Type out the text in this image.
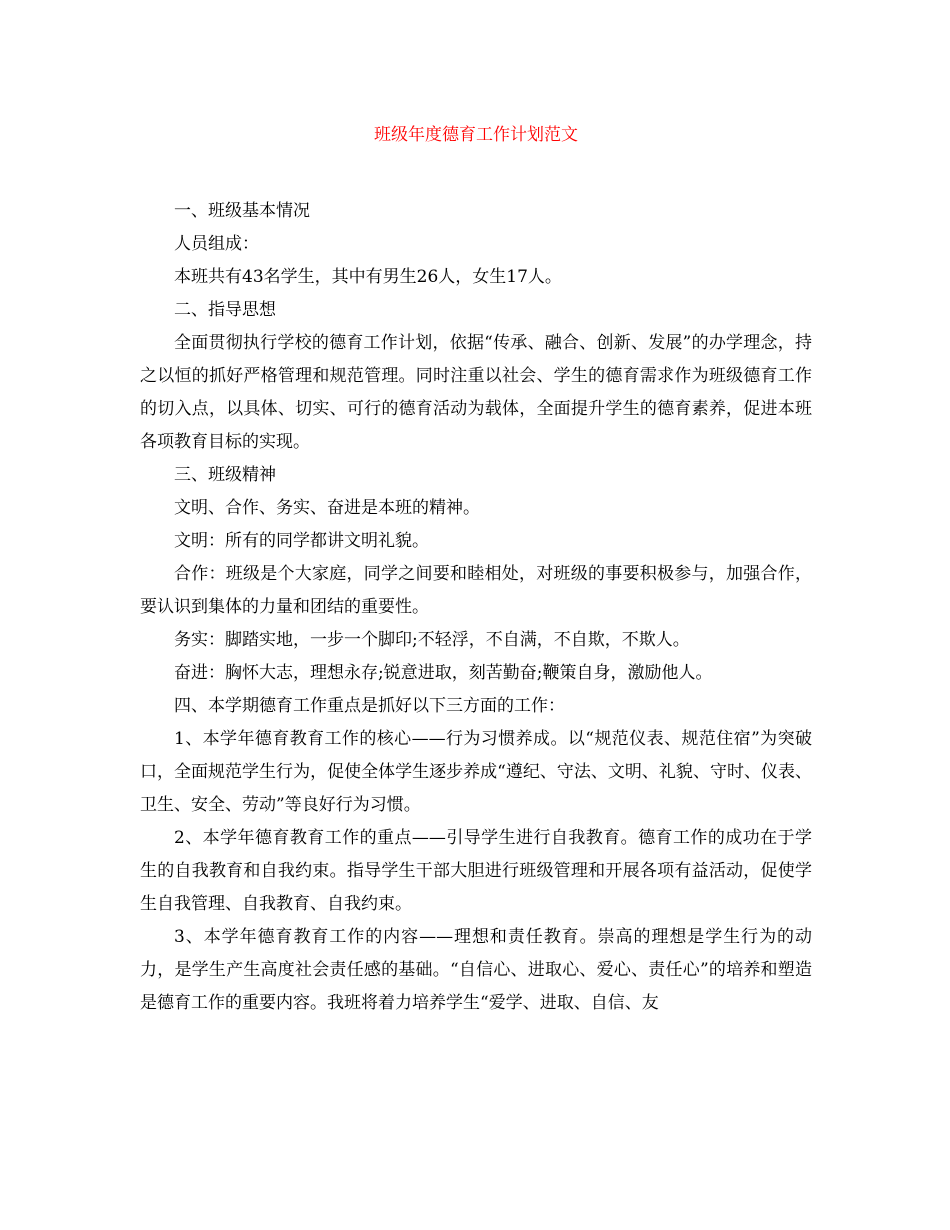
班级年度德育工作计划范文

一、班级基本情况

人员组成：

本班共有43名学生，其中有男生26人，女生17人。

二、指导思想

全面贯彻执行学校的德育工作计划，依据“传承、融合、创新、发展”的办学理念，持之以恒的抓好严格管理和规范管理。同时注重以社会、学生的德育需求作为班级德育工作的切入点，以具体、切实、可行的德育活动为载体，全面提升学生的德育素养，促进本班各项教育目标的实现。

三、班级精神

文明、合作、务实、奋进是本班的精神。

文明：所有的同学都讲文明礼貌。

合作：班级是个大家庭，同学之间要和睦相处，对班级的事要积极参与，加强合作，要认识到集体的力量和团结的重要性。

务实：脚踏实地，一步一个脚印;不轻浮，不自满，不自欺，不欺人。

奋进：胸怀大志，理想永存;锐意进取，刻苦勤奋;鞭策自身，激励他人。

四、本学期德育工作重点是抓好以下三方面的工作：

1、本学年德育教育工作的核心——行为习惯养成。以“规范仪表、规范住宿”为突破口，全面规范学生行为，促使全体学生逐步养成“遵纪、守法、文明、礼貌、守时、仪表、卫生、安全、劳动”等良好行为习惯。

2、本学年德育教育工作的重点——引导学生进行自我教育。德育工作的成功在于学生的自我教育和自我约束。指导学生干部大胆进行班级管理和开展各项有益活动，促使学生自我管理、自我教育、自我约束。

3、本学年德育教育工作的内容——理想和责任教育。崇高的理想是学生行为的动力，是学生产生高度社会责任感的基础。“自信心、进取心、爱心、责任心”的培养和塑造是德育工作的重要内容。我班将着力培养学生“爱学、进取、自信、友
